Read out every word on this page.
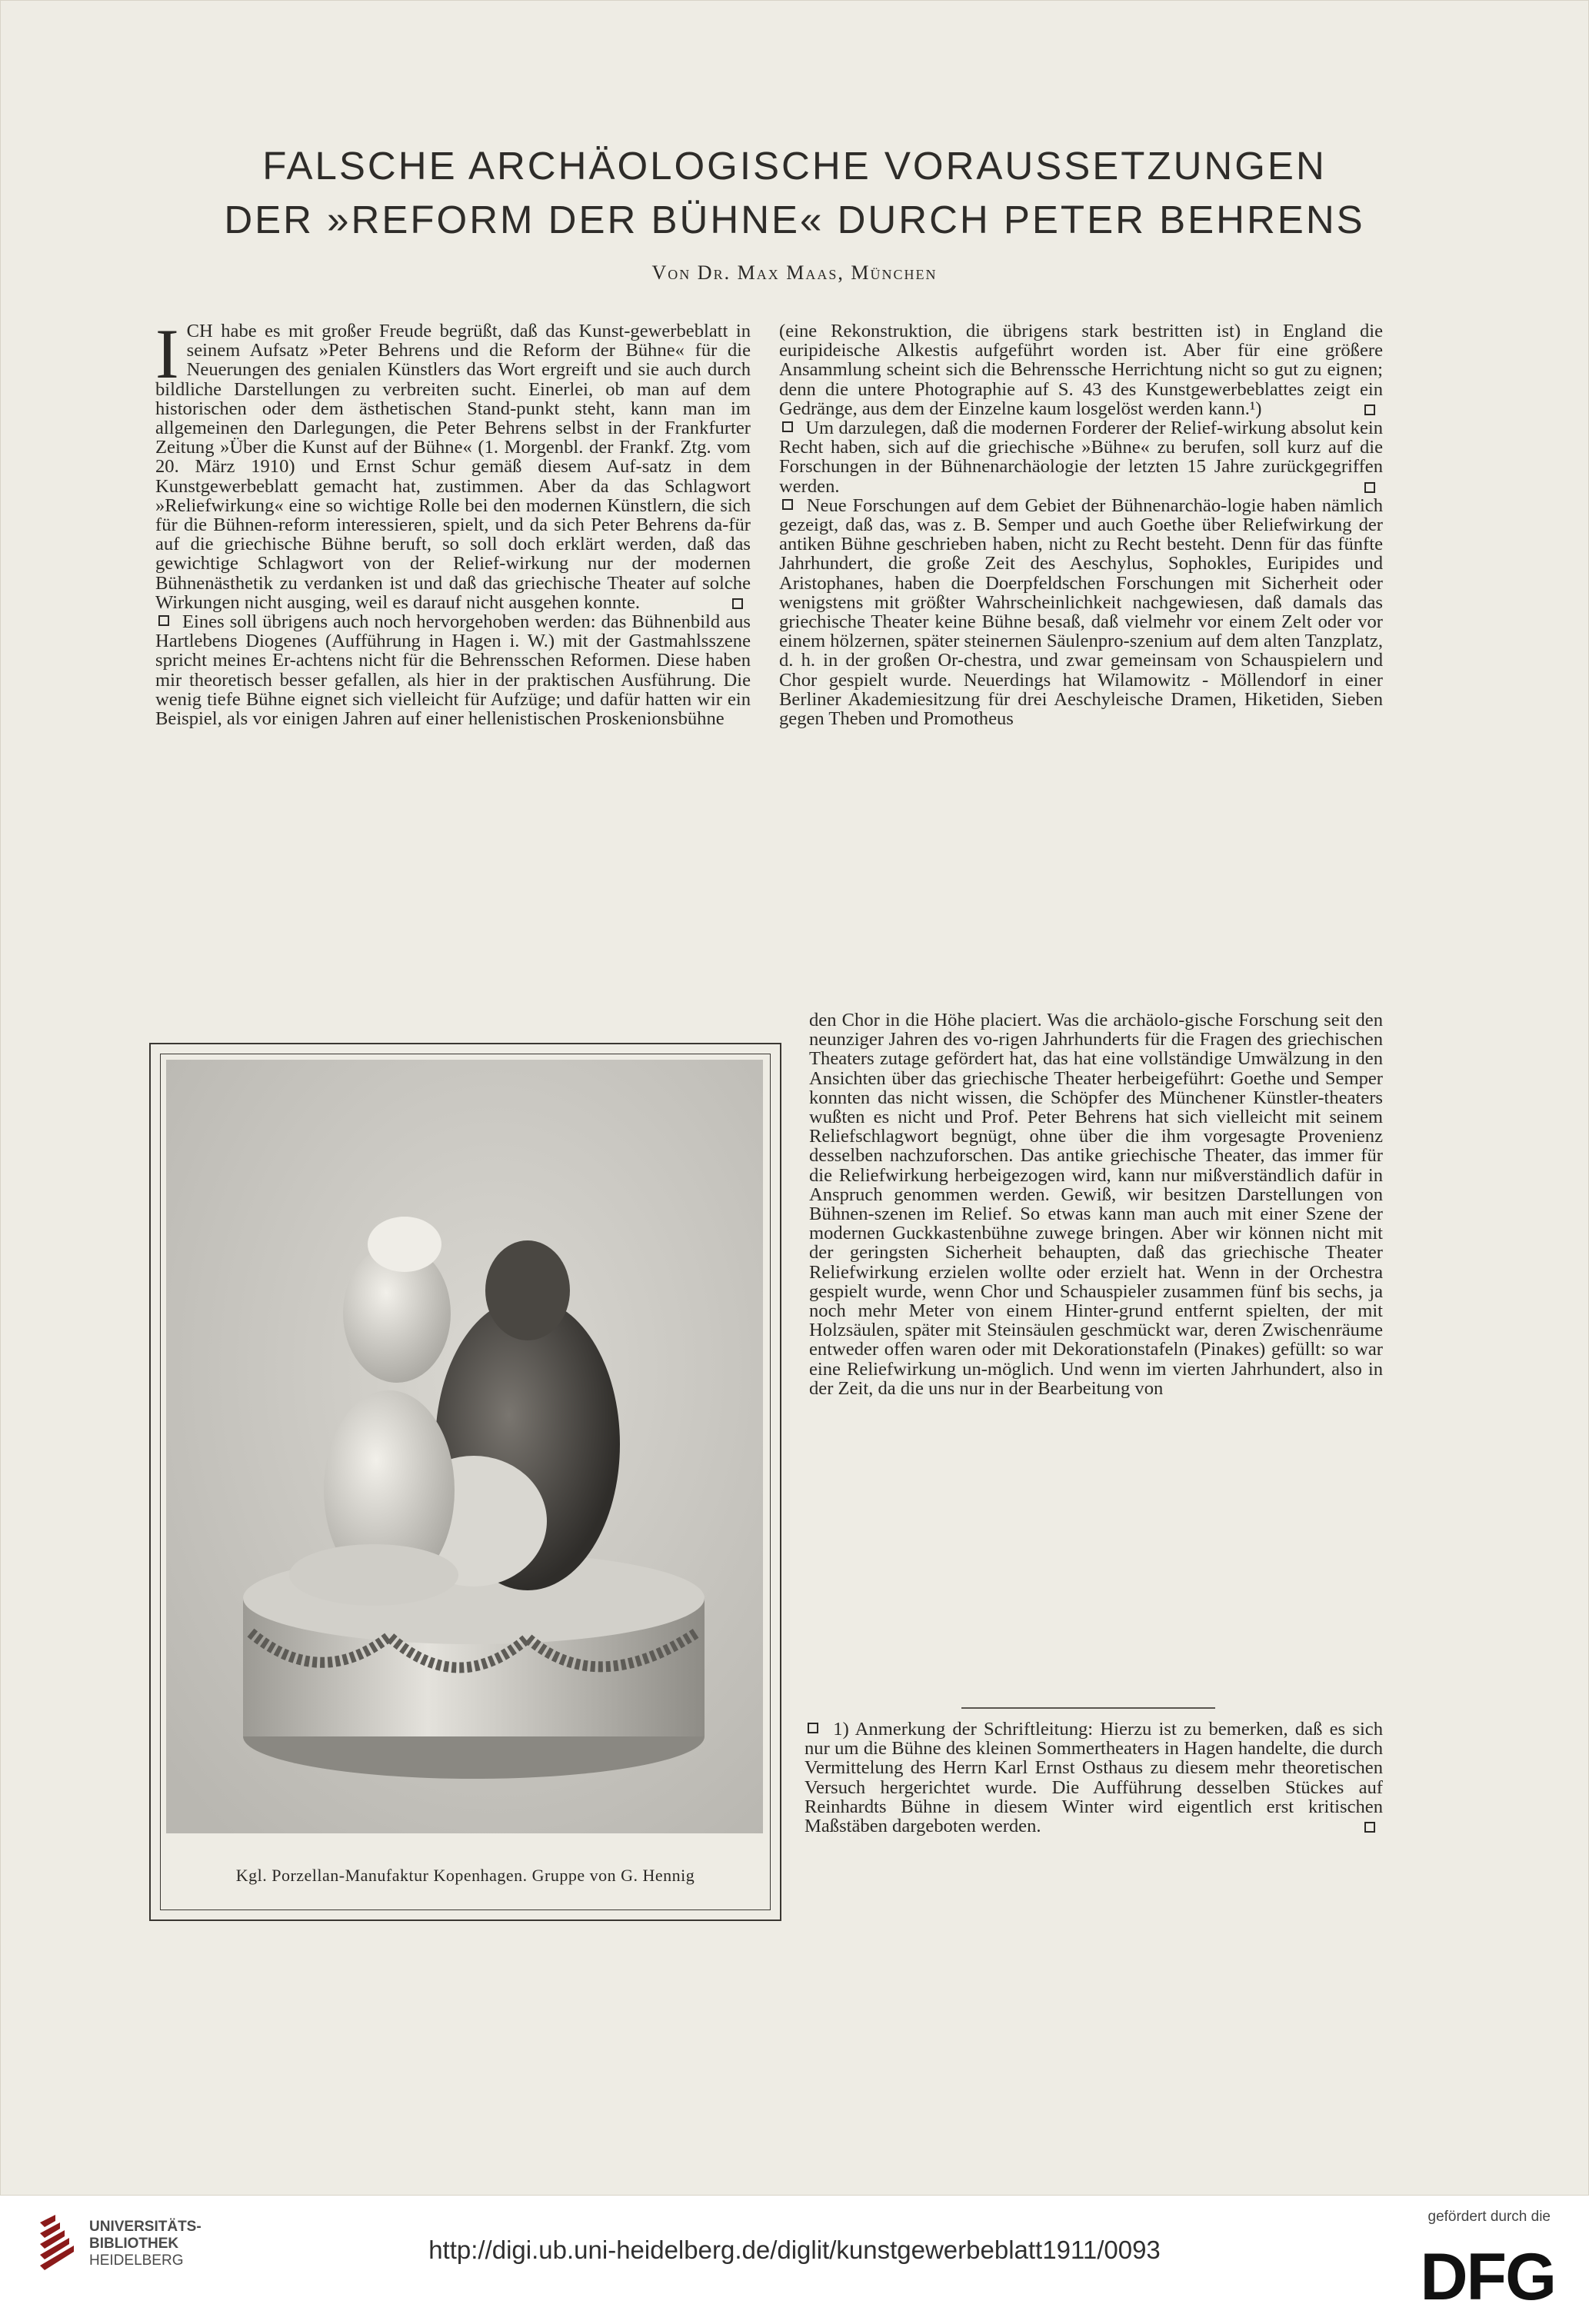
FALSCHE ARCHÄOLOGISCHE VORAUSSETZUNGEN
DER »REFORM DER BÜHNE« DURCH PETER BEHRENS
Von Dr. Max Maas, München

I CH habe es mit großer Freude begrüßt, daß das Kunst-gewerbeblatt in seinem Aufsatz »Peter Behrens und die Reform der Bühne« für die Neuerungen des genialen Künstlers das Wort ergreift und sie auch durch bildliche Darstellungen zu verbreiten sucht. Einerlei, ob man auf dem historischen oder dem ästhetischen Stand-punkt steht, kann man im allgemeinen den Darlegungen, die Peter Behrens selbst in der Frankfurter Zeitung »Über die Kunst auf der Bühne« (1. Morgenbl. der Frankf. Ztg. vom 20. März 1910) und Ernst Schur gemäß diesem Auf-satz in dem Kunstgewerbeblatt gemacht hat, zustimmen. Aber da das Schlagwort »Reliefwirkung« eine so wichtige Rolle bei den modernen Künstlern, die sich für die Bühnen-reform interessieren, spielt, und da sich Peter Behrens da-für auf die griechische Bühne beruft, so soll doch erklärt werden, daß das gewichtige Schlagwort von der Relief-wirkung nur der modernen Bühnenästhetik zu verdanken ist und daß das griechische Theater auf solche Wirkungen nicht ausging, weil es darauf nicht ausgehen konnte.

Eines soll übrigens auch noch hervorgehoben werden: das Bühnenbild aus Hartlebens Diogenes (Aufführung in Hagen i. W.) mit der Gastmahlsszene spricht meines Er-achtens nicht für die Behrensschen Reformen. Diese haben mir theoretisch besser gefallen, als hier in der praktischen Ausführung. Die wenig tiefe Bühne eignet sich vielleicht für Aufzüge; und dafür hatten wir ein Beispiel, als vor einigen Jahren auf einer hellenistischen Proskenionsbühne

(eine Rekonstruktion, die übrigens stark bestritten ist) in England die euripideische Alkestis aufgeführt worden ist. Aber für eine größere Ansammlung scheint sich die Behrenssche Herrichtung nicht so gut zu eignen; denn die untere Photographie auf S. 43 des Kunstgewerbeblattes zeigt ein Gedränge, aus dem der Einzelne kaum losgelöst werden kann.¹)

Um darzulegen, daß die modernen Forderer der Relief-wirkung absolut kein Recht haben, sich auf die griechische »Bühne« zu berufen, soll kurz auf die Forschungen in der Bühnenarchäologie der letzten 15 Jahre zurückgegriffen werden.

Neue Forschungen auf dem Gebiet der Bühnenarchäo-logie haben nämlich gezeigt, daß das, was z. B. Semper und auch Goethe über Reliefwirkung der antiken Bühne geschrieben haben, nicht zu Recht besteht. Denn für das fünfte Jahrhundert, die große Zeit des Aeschylus, Sophokles, Euripides und Aristophanes, haben die Doerpfeldschen Forschungen mit Sicherheit oder wenigstens mit größter Wahrscheinlichkeit nachgewiesen, daß damals das griechische Theater keine Bühne besaß, daß vielmehr vor einem Zelt oder vor einem hölzernen, später steinernen Säulenpro-szenium auf dem alten Tanzplatz, d. h. in der großen Or-chestra, und zwar gemeinsam von Schauspielern und Chor gespielt wurde. Neuerdings hat Wilamowitz - Möllendorf in einer Berliner Akademiesitzung für drei Aeschyleische Dramen, Hiketiden, Sieben gegen Theben und Promotheus

den Chor in die Höhe placiert. Was die archäolo-gische Forschung seit den neunziger Jahren des vo-rigen Jahrhunderts für die Fragen des griechischen Theaters zutage gefördert hat, das hat eine vollständige Umwälzung in den Ansichten über das griechische Theater herbeigeführt: Goethe und Semper konnten das nicht wissen, die Schöpfer des Münchener Künstler-theaters wußten es nicht und Prof. Peter Behrens hat sich vielleicht mit seinem Reliefschlagwort begnügt, ohne über die ihm vorgesagte Provenienz desselben nachzuforschen. Das antike griechische Theater, das immer für die Reliefwirkung herbeigezogen wird, kann nur mißverständlich dafür in Anspruch genommen werden. Gewiß, wir besitzen Darstellungen von Bühnen-szenen im Relief. So etwas kann man auch mit einer Szene der modernen Guckkastenbühne zuwege bringen. Aber wir können nicht mit der geringsten Sicherheit behaupten, daß das griechische Theater Reliefwirkung erzielen wollte oder erzielt hat. Wenn in der Orchestra gespielt wurde, wenn Chor und Schauspieler zusammen fünf bis sechs, ja noch mehr Meter von einem Hinter-grund entfernt spielten, der mit Holzsäulen, später mit Steinsäulen geschmückt war, deren Zwischenräume entweder offen waren oder mit Dekorationstafeln (Pinakes) gefüllt: so war eine Reliefwirkung un-möglich. Und wenn im vierten Jahrhundert, also in der Zeit, da die uns nur in der Bearbeitung von

Kgl. Porzellan-Manufaktur Kopenhagen. Gruppe von G. Hennig

1) Anmerkung der Schriftleitung: Hierzu ist zu bemerken, daß es sich nur um die Bühne des kleinen Sommertheaters in Hagen handelte, die durch Vermittelung des Herrn Karl Ernst Osthaus zu diesem mehr theoretischen Versuch hergerichtet wurde. Die Aufführung desselben Stückes auf Reinhardts Bühne in diesem Winter wird eigentlich erst kritischen Maßstäben dargeboten werden.

UNIVERSITÄTS-
BIBLIOTHEK
HEIDELBERG	http://digi.ub.uni-heidelberg.de/diglit/kunstgewerbeblatt1911/0093
gefördert durch die
DFG
